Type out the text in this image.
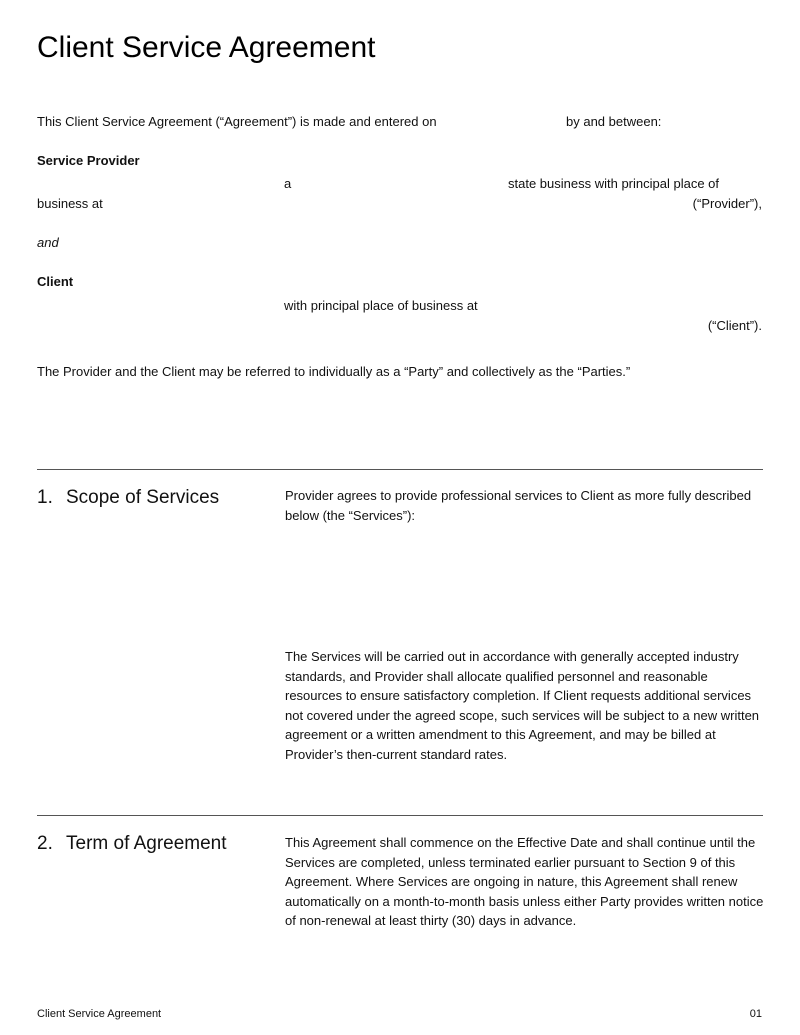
Client Service Agreement
This Client Service Agreement (“Agreement”) is made and entered on	by and between:
Service Provider
a	state business with principal place of
business at	(“Provider”),
and
Client
with principal place of business at
(“Client”).
The Provider and the Client may be referred to individually as a “Party” and collectively as the “Parties.”
1. Scope of Services	Provider agrees to provide professional services to Client as more fully described below (the “Services”):
The Services will be carried out in accordance with generally accepted industry standards, and Provider shall allocate qualified personnel and reasonable resources to ensure satisfactory completion. If Client requests additional services not covered under the agreed scope, such services will be subject to a new written agreement or a written amendment to this Agreement, and may be billed at Provider’s then-current standard rates.
2. Term of Agreement	This Agreement shall commence on the Effective Date and shall continue until the Services are completed, unless terminated earlier pursuant to Section 9 of this Agreement. Where Services are ongoing in nature, this Agreement shall renew automatically on a month-to-month basis unless either Party provides written notice of non-renewal at least thirty (30) days in advance.
Client Service Agreement	01
